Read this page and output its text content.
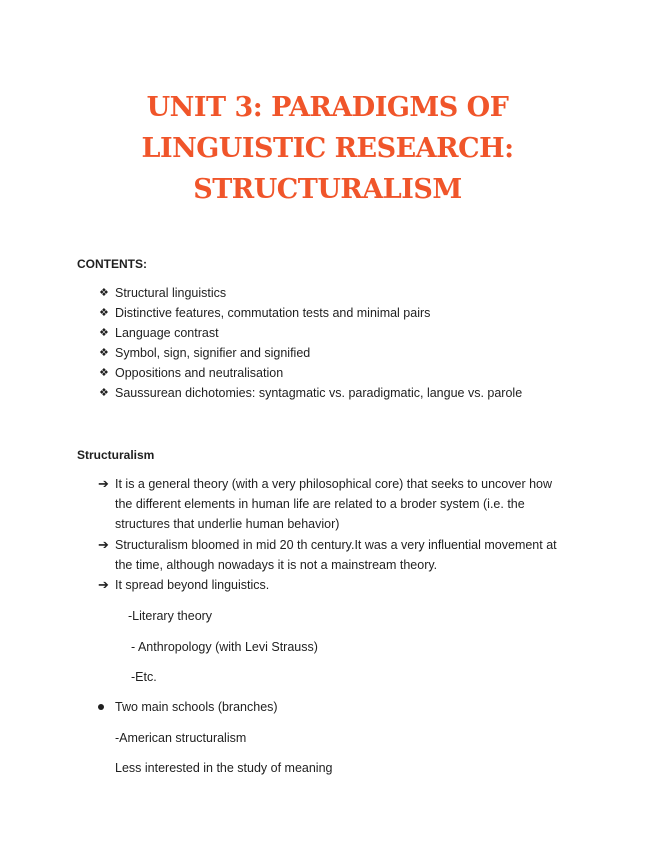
UNIT 3: PARADIGMS OF
LINGUISTIC RESEARCH:
STRUCTURALISM
CONTENTS:
❖ Structural linguistics
❖ Distinctive features, commutation tests and minimal pairs
❖ Language contrast
❖ Symbol, sign, signifier and signified
❖ Oppositions and neutralisation
❖ Saussurean dichotomies: syntagmatic vs. paradigmatic, langue vs. parole
Structuralism
➔ It is a general theory (with a very philosophical core) that seeks to uncover how
the different elements in human life are related to a broder system (i.e. the
structures that underlie human behavior)
➔ Structuralism bloomed in mid 20 th century.It was a very influential movement at
the time, although nowadays it is not a mainstream theory.
➔ It spread beyond linguistics.
-Literary theory
- Anthropology (with Levi Strauss)
-Etc.
Two main schools (branches)
-American structuralism
Less interested in the study of meaning
